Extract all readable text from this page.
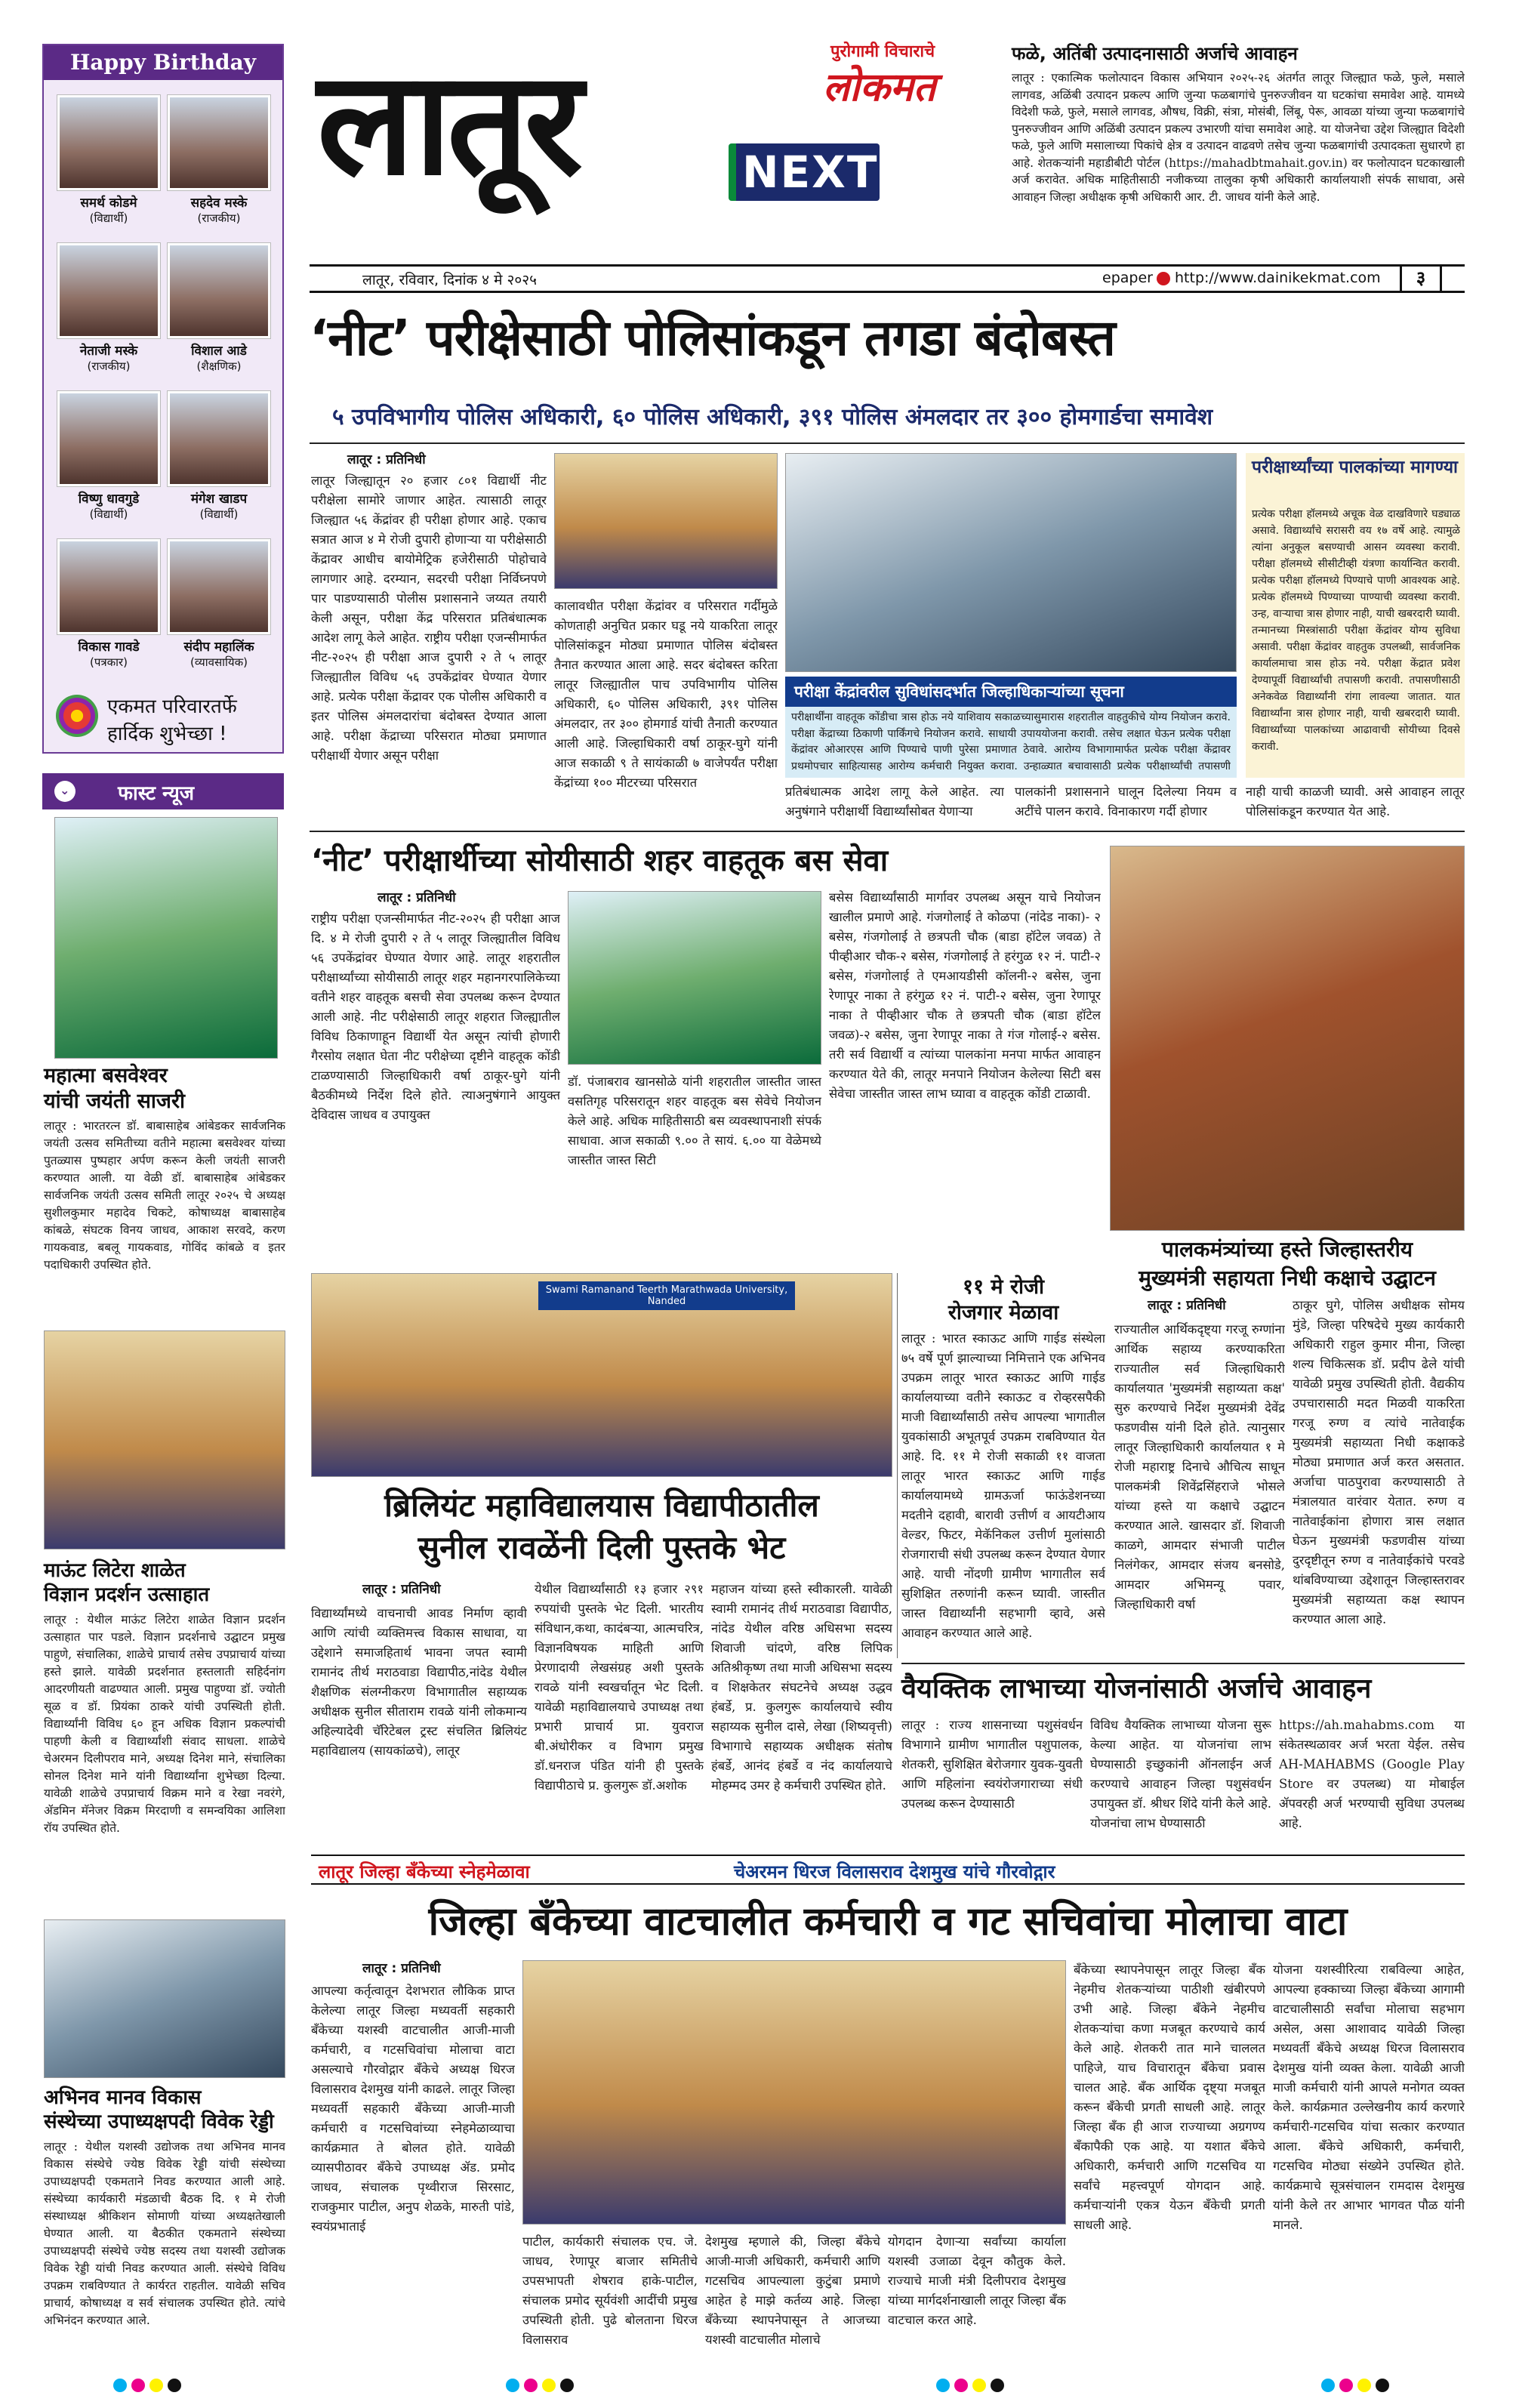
Happy Birthday
समर्थ कोडमे
(विद्यार्थी)
सहदेव मस्के
(राजकीय)
नेताजी मस्के
(राजकीय)
विशाल आडे
(शैक्षणिक)
विष्णु धावगुडे
(विद्यार्थी)
मंगेश खाडप
(विद्यार्थी)
विकास गावडे
(पत्रकार)
संदीप महालिंक
(व्यावसायिक)
एकमत परिवारतर्फे
हार्दिक शुभेच्छा !
⌄ फास्ट न्यूज
महात्मा बसवेश्वर
यांची जयंती साजरी
लातूर : भारतरत्न डॉ. बाबासाहेब आंबेडकर सार्वजनिक जयंती उत्सव समितीच्या वतीने महात्मा बसवेश्वर यांच्या पुतळ्यास पुष्पहार अर्पण करून केली जयंती साजरी करण्यात आली. या वेळी डॉ. बाबासाहेब आंबेडकर सार्वजनिक जयंती उत्सव समिती लातूर २०२५ चे अध्यक्ष सुशीलकुमार महादेव चिकटे, कोषाध्यक्ष बाबासाहेब कांबळे, संघटक विनय जाधव, आकाश सरवदे, करण गायकवाड, बबलू गायकवाड, गोविंद कांबळे व इतर पदाधिकारी उपस्थित होते.
माऊंट लिटेरा शाळेत
विज्ञान प्रदर्शन उत्साहात
लातूर : येथील माऊंट लिटेरा शाळेत विज्ञान प्रदर्शन उत्साहात पार पडले. विज्ञान प्रदर्शनाचे उद्घाटन प्रमुख पाहुणे, संचालिका, शाळेचे प्राचार्य तसेच उपप्राचार्य यांच्या हस्ते झाले. यावेळी प्रदर्शनात हस्तलाती सहिर्दनांग आदरणीयती वाढण्यात आली. प्रमुख पाहुण्या डॉ. ज्योती सूळ व डॉ. प्रियंका ठाकरे यांची उपस्थिती होती. विद्यार्थ्यांनी विविध ६० हून अधिक विज्ञान प्रकल्पांची पाहणी केली व विद्यार्थ्यांशी संवाद साधला. शाळेचे चेअरमन दिलीपराव माने, अध्यक्ष दिनेश माने, संचालिका सोनल दिनेश माने यांनी विद्यार्थ्यांना शुभेच्छा दिल्या. यावेळी शाळेचे उपप्राचार्य विक्रम माने व रेखा नवरंगे, ॲडमिन मॅनेजर विक्रम मिरदाणी व समन्वयिका आलिशा रॉय उपस्थित होते.
अभिनव मानव विकास
संस्थेच्या उपाध्यक्षपदी विवेक रेड्डी
लातूर : येथील यशस्वी उद्योजक तथा अभिनव मानव विकास संस्थेचे ज्येष्ठ विवेक रेड्डी यांची संस्थेच्या उपाध्यक्षपदी एकमताने निवड करण्यात आली आहे. संस्थेच्या कार्यकारी मंडळाची बैठक दि. १ मे रोजी संस्थाध्यक्ष श्रीकिशन सोमाणी यांच्या अध्यक्षतेखाली घेण्यात आली. या बैठकीत एकमताने संस्थेच्या उपाध्यक्षपदी संस्थेचे ज्येष्ठ सदस्य तथा यशस्वी उद्योजक विवेक रेड्डी यांची निवड करण्यात आली. संस्थेचे विविध उपक्रम राबविण्यात ते कार्यरत राहतील. यावेळी सचिव प्राचार्य, कोषाध्यक्ष व सर्व संचालक उपस्थित होते. त्यांचे अभिनंदन करण्यात आले.
लातूर	पुरोगामी विचाराचे
लोकमत
NEXT
लातूर, रविवार, दिनांक ४ मे २०२५	epaper http://www.dainikekmat.com	३
फळे, अतिंबी उत्पादनासाठी अर्जाचे आवाहन
लातूर : एकात्मिक फलोत्पादन विकास अभियान २०२५-२६ अंतर्गत लातूर जिल्ह्यात फळे, फुले, मसाले लागवड, अळिंबी उत्पादन प्रकल्प आणि जुन्या फळबागांचे पुनरुज्जीवन या घटकांचा समावेश आहे. यामध्ये विदेशी फळे, फुले, मसाले लागवड, औषध, विक्री, संत्रा, मोसंबी, लिंबू, पेरू, आवळा यांच्या जुन्या फळबागांचे पुनरुज्जीवन आणि अळिंबी उत्पादन प्रकल्प उभारणी यांचा समावेश आहे. या योजनेचा उद्देश जिल्ह्यात विदेशी फळे, फुले आणि मसालाच्या पिकांचे क्षेत्र व उत्पादन वाढवणे तसेच जुन्या फळबागांची उत्पादकता सुधारणे हा आहे. शेतकऱ्यांनी महाडीबीटी पोर्टल (https://mahadbtmahait.gov.in) वर फलोत्पादन घटकाखाली अर्ज करावेत. अधिक माहितीसाठी नजीकच्या तालुका कृषी अधिकारी कार्यालयाशी संपर्क साधावा, असे आवाहन जिल्हा अधीक्षक कृषी अधिकारी आर. टी. जाधव यांनी केले आहे.
‘नीट’ परीक्षेसाठी पोलिसांकडून तगडा बंदोबस्त
५ उपविभागीय पोलिस अधिकारी, ६० पोलिस अधिकारी, ३९१ पोलिस अंमलदार तर ३०० होमगार्डचा समावेश
लातूर : प्रतिनिधी
लातूर जिल्ह्यातून २० हजार ८०१ विद्यार्थी नीट परीक्षेला सामोरे जाणार आहेत. त्यासाठी लातूर जिल्ह्यात ५६ केंद्रांवर ही परीक्षा होणार आहे. एकाच सत्रात आज ४ मे रोजी दुपारी होणाऱ्या या परीक्षेसाठी केंद्रावर आधीच बायोमेट्रिक हजेरीसाठी पोहोचावे लागणार आहे. दरम्यान, सदरची परीक्षा निर्विघ्नपणे पार पाडण्यासाठी पोलीस प्रशासनाने जय्यत तयारी केली असून, परीक्षा केंद्र परिसरात प्रतिबंधात्मक आदेश लागू केले आहेत. राष्ट्रीय परीक्षा एजन्सीमार्फत नीट-२०२५ ही परीक्षा आज दुपारी २ ते ५ लातूर जिल्ह्यातील विविध ५६ उपकेंद्रांवर घेण्यात येणार आहे. प्रत्येक परीक्षा केंद्रावर एक पोलीस अधिकारी व इतर पोलिस अंमलदारांचा बंदोबस्त देण्यात आला आहे. परीक्षा केंद्राच्या परिसरात मोठ्या प्रमाणात परीक्षार्थी येणार असून परीक्षा
कालावधीत परीक्षा केंद्रांवर व परिसरात गर्दीमुळे कोणताही अनुचित प्रकार घडू नये याकरिता लातूर पोलिसांकडून मोठ्या प्रमाणात पोलिस बंदोबस्त तैनात करण्यात आला आहे. सदर बंदोबस्त करिता लातूर जिल्ह्यातील पाच उपविभागीय पोलिस अधिकारी, ६० पोलिस अधिकारी, ३९१ पोलिस अंमलदार, तर ३०० होमगार्ड यांची तैनाती करण्यात आली आहे. जिल्हाधिकारी वर्षा ठाकूर-घुगे यांनी आज सकाळी ९ ते सायंकाळी ७ वाजेपर्यंत परीक्षा केंद्रांच्या १०० मीटरच्या परिसरात
परीक्षा केंद्रांवरील सुविधांसदर्भात जिल्हाधिकाऱ्यांच्या सूचना
परीक्षार्थींना वाहतूक कोंडीचा त्रास होऊ नये याशिवाय सकाळच्यासुमारास शहरातील वाहतुकीचे योग्य नियोजन करावे. परीक्षा केंद्राच्या ठिकाणी पार्किंगचे नियोजन करावे. साधायी उपाययोजना करावी. तसेच लक्षात घेऊन प्रत्येक परीक्षा केंद्रांवर ओआरएस आणि पिण्याचे पाणी पुरेसा प्रमाणात ठेवावे. आरोग्य विभागामार्फत प्रत्येक परीक्षा केंद्रावर प्रथमोपचार साहित्यासह आरोग्य कर्मचारी नियुक्त करावा. उन्हाळ्यात बचावासाठी प्रत्येक परीक्षार्थ्यांची तपासणी
प्रतिबंधात्मक आदेश लागू केले आहेत. त्या अनुषंगाने परीक्षार्थी विद्यार्थ्यांसोबत येणाऱ्या
पालकांनी प्रशासनाने घालून दिलेल्या नियम व अटींचे पालन करावे. विनाकारण गर्दी होणार
परीक्षार्थ्यांच्या पालकांच्या मागण्या
प्रत्येक परीक्षा हॉलमध्ये अचूक वेळ दाखविणारे घड्याळ असावे. विद्यार्थ्यांचे सरासरी वय १७ वर्षे आहे. त्यामुळे त्यांना अनुकूल बसण्याची आसन व्यवस्था करावी. परीक्षा हॉलमध्ये सीसीटीव्ही यंत्रणा कार्यान्वित करावी. प्रत्येक परीक्षा हॉलमध्ये पिण्याचे पाणी आवश्यक आहे. प्रत्येक हॉलमध्ये पिण्याच्या पाण्याची व्यवस्था करावी. उन्ह, वाऱ्याचा त्रास होणार नाही, याची खबरदारी घ्यावी. तन्मानच्या मिस्त्रांसाठी परीक्षा केंद्रांवर योग्य सुविधा असावी. परीक्षा केंद्रांवर वाहतुक उपलब्धी, सार्वजनिक कार्यालमाचा त्रास होऊ नये. परीक्षा केंद्रात प्रवेश देण्यापूर्वी विद्यार्थ्यांची तपासणी करावी. तपासणीसाठी अनेकवेळ विद्यार्थ्यांनी रांगा लावल्या जातात. यात विद्यार्थ्यांना त्रास होणार नाही, याची खबरदारी घ्यावी. विद्यार्थ्यांच्या पालकांच्या आढावाची सोयीच्या दिवसे करावी.
नाही याची काळजी घ्यावी. असे आवाहन लातूर पोलिसांकडून करण्यात येत आहे.
‘नीट’ परीक्षार्थीच्या सोयीसाठी शहर वाहतूक बस सेवा
लातूर : प्रतिनिधी
राष्ट्रीय परीक्षा एजन्सीमार्फत नीट-२०२५ ही परीक्षा आज दि. ४ मे रोजी दुपारी २ ते ५ लातूर जिल्ह्यातील विविध ५६ उपकेंद्रांवर घेण्यात येणार आहे. लातूर शहरातील परीक्षार्थ्यांच्या सोयीसाठी लातूर शहर महानगरपालिकेच्या वतीने शहर वाहतूक बसची सेवा उपलब्ध करून देण्यात आली आहे. नीट परीक्षेसाठी लातूर शहरात जिल्ह्यातील विविध ठिकाणाहून विद्यार्थी येत असून त्यांची होणारी गैरसोय लक्षात घेता नीट परीक्षेच्या दृष्टीने वाहतूक कोंडी टाळण्यासाठी जिल्हाधिकारी वर्षा ठाकूर-घुगे यांनी बैठकीमध्ये निर्देश दिले होते. त्याअनुषंगाने आयुक्त देविदास जाधव व उपायुक्त
डॉ. पंजाबराव खानसोळे यांनी शहरातील जास्तीत जास्त वसतिगृह परिसरातून शहर वाहतूक बस सेवेचे नियोजन केले आहे. अधिक माहितीसाठी बस व्यवस्थापनाशी संपर्क साधावा. आज सकाळी ९.०० ते सायं. ६.०० या वेळेमध्ये जास्तीत जास्त सिटी
बसेस विद्यार्थ्यांसाठी मार्गावर उपलब्ध असून याचे नियोजन खालील प्रमाणे आहे. गंजगोलाई ते कोळपा (नांदेड नाका)- २ बसेस, गंजगोलाई ते छत्रपती चौक (बाडा हॉटेल जवळ) ते पीव्हीआर चौक-२ बसेस, गंजगोलाई ते हरंगुळ १२ नं. पाटी-२ बसेस, गंजगोलाई ते एमआयडीसी कॉलनी-२ बसेस, जुना रेणापूर नाका ते हरंगुळ १२ नं. पाटी-२ बसेस, जुना रेणापूर नाका ते पीव्हीआर चौक ते छत्रपती चौक (बाडा हॉटेल जवळ)-२ बसेस, जुना रेणापूर नाका ते गंज गोलाई-२ बसेस. तरी सर्व विद्यार्थी व त्यांच्या पालकांना मनपा मार्फत आवाहन करण्यात येते की, लातूर मनपाने नियोजन केलेल्या सिटी बस सेवेचा जास्तीत जास्त लाभ घ्यावा व वाहतूक कोंडी टाळावी.
पालकमंत्र्यांच्या हस्ते जिल्हास्तरीय
मुख्यमंत्री सहायता निधी कक्षाचे उद्घाटन
लातूर : प्रतिनिधी
राज्यातील आर्थिकदृष्ट्या गरजू रुग्णांना आर्थिक सहाय्य करण्याकरिता राज्यातील सर्व जिल्हाधिकारी कार्यालयात 'मुख्यमंत्री सहाय्यता कक्ष' सुरु करण्याचे निर्देश मुख्यमंत्री देवेंद्र फडणवीस यांनी दिले होते. त्यानुसार लातूर जिल्हाधिकारी कार्यालयात १ मे रोजी महाराष्ट्र दिनाचे औचित्य साधून पालकमंत्री शिवेंद्रसिंहराजे भोसले यांच्या हस्ते या कक्षाचे उद्घाटन करण्यात आले. खासदार डॉ. शिवाजी काळगे, आमदार संभाजी पाटील निलंगेकर, आमदार संजय बनसोडे, आमदार अभिमन्यू पवार, जिल्हाधिकारी वर्षा
ठाकूर घुगे, पोलिस अधीक्षक सोमय मुंडे, जिल्हा परिषदेचे मुख्य कार्यकारी अधिकारी राहुल कुमार मीना, जिल्हा शल्य चिकित्सक डॉ. प्रदीप ढेले यांची यावेळी प्रमुख उपस्थिती होती. वैद्यकीय उपचारासाठी मदत मिळवी याकरिता गरजू रुग्ण व त्यांचे नातेवाईक मुख्यमंत्री सहाय्यता निधी कक्षाकडे मोठ्या प्रमाणात अर्ज करत असतात. अर्जाचा पाठपुरावा करण्यासाठी ते मंत्रालयात वारंवार येतात. रुग्ण व नातेवाईकांना होणारा त्रास लक्षात घेऊन मुख्यमंत्री फडणवीस यांच्या दुरदृष्टीतून रुग्ण व नातेवाईकांचे परवडे थांबविण्याच्या उद्देशातून जिल्हास्तरावर मुख्यमंत्री सहाय्यता कक्ष स्थापन करण्यात आला आहे.
Swami Ramanand Teerth Marathwada University, Nanded
ब्रिलियंट महाविद्यालयास विद्यापीठातील
सुनील रावळेंनी दिली पुस्तके भेट
लातूर : प्रतिनिधी
विद्यार्थ्यांमध्ये वाचनाची आवड निर्माण व्हावी आणि त्यांची व्यक्तिमत्त्व विकास साधावा, या उद्देशाने समाजहितार्थ भावना जपत स्वामी रामानंद तीर्थ मराठवाडा विद्यापीठ,नांदेड येथील शैक्षणिक संलग्नीकरण विभागातील सहाय्यक अधीक्षक सुनील सीताराम रावळे यांनी लोकमान्य अहिल्यादेवी चॅरिटेबल ट्रस्ट संचलित ब्रिलियंट महाविद्यालय (सायकांळचे), लातूर
येथील विद्यार्थ्यांसाठी १३ हजार २९१ रुपयांची पुस्तके भेट दिली. भारतीय संविधान,कथा, कादंबऱ्या, आत्मचरित्र, विज्ञानविषयक माहिती आणि प्रेरणादायी लेखसंग्रह अशी पुस्तके रावळे यांनी स्वखर्चातून भेट दिली. यावेळी महाविद्यालयाचे उपाध्यक्ष तथा प्रभारी प्राचार्य प्रा. युवराज बी.अंधोरीकर व विभाग प्रमुख डॉ.धनराज पंडित यांनी ही पुस्तके विद्यापीठाचे प्र. कुलगुरू डॉ.अशोक
महाजन यांच्या हस्ते स्वीकारली. यावेळी स्वामी रामानंद तीर्थ मराठवाडा विद्यापीठ, नांदेड येथील वरिष्ठ अधिसभा सदस्य शिवाजी चांदणे, वरिष्ठ लिपिक अतिश्रीकृष्ण तथा माजी अधिसभा सदस्य व शिक्षकेतर संघटनेचे अध्यक्ष उद्धव हंबर्डे, प्र. कुलगुरू कार्यालयाचे स्वीय सहाय्यक सुनील दासे, लेखा (शिष्यवृत्ती) विभागाचे सहाय्यक अधीक्षक संतोष हंबर्डे, आनंद हंबर्डे व नंद कार्यालयाचे मोहम्मद उमर हे कर्मचारी उपस्थित होते.
११ मे रोजी
रोजगार मेळावा
लातूर : भारत स्काऊट आणि गाईड संस्थेला ७५ वर्षे पूर्ण झाल्याच्या निमित्ताने एक अभिनव उपक्रम लातूर भारत स्काऊट आणि गाईड कार्यालयाच्या वतीने स्काऊट व रोव्हरसपैकी माजी विद्यार्थ्यांसाठी तसेच आपल्या भागातील युवकांसाठी अभूतपूर्व उपक्रम राबविण्यात येत आहे. दि. ११ मे रोजी सकाळी ११ वाजता लातूर भारत स्काऊट आणि गाईड कार्यालयामध्ये ग्रामऊर्जा फाऊंडेशनच्या मदतीने दहावी, बारावी उत्तीर्ण व आयटीआय वेल्डर, फिटर, मेकॅनिकल उत्तीर्ण मुलांसाठी रोजगाराची संधी उपलब्ध करून देण्यात येणार आहे. याची नोंदणी ग्रामीण भागातील सर्व सुशिक्षित तरुणांनी करून घ्यावी. जास्तीत जास्त विद्यार्थ्यांनी सहभागी व्हावे, असे आवाहन करण्यात आले आहे.
वैयक्तिक लाभाच्या योजनांसाठी अर्जाचे आवाहन
लातूर : राज्य शासनाच्या पशुसंवर्धन विभागाने ग्रामीण भागातील पशुपालक, शेतकरी, सुशिक्षित बेरोजगार युवक-युवती आणि महिलांना स्वयंरोजगाराच्या संधी उपलब्ध करून देण्यासाठी
विविध वैयक्तिक लाभाच्या योजना सुरू केल्या आहेत. या योजनांचा लाभ घेण्यासाठी इच्छुकांनी ऑनलाईन अर्ज करण्याचे आवाहन जिल्हा पशुसंवर्धन उपायुक्त डॉ. श्रीधर शिंदे यांनी केले आहे. योजनांचा लाभ घेण्यासाठी
https://ah.mahabms.com या संकेतस्थळावर अर्ज भरता येईल. तसेच AH-MAHABMS (Google Play Store वर उपलब्ध) या मोबाईल ॲपवरही अर्ज भरण्याची सुविधा उपलब्ध आहे.
लातूर जिल्हा बँकेच्या स्नेहमेळावा	चेअरमन धिरज विलासराव देशमुख यांचे गौरवोद्गार
जिल्हा बँकेच्या वाटचालीत कर्मचारी व गट सचिवांचा मोलाचा वाटा
लातूर : प्रतिनिधी
आपल्या कर्तृत्वातून देशभरात लौकिक प्राप्त केलेल्या लातूर जिल्हा मध्यवर्ती सहकारी बँकेच्या यशस्वी वाटचालीत आजी-माजी कर्मचारी, व गटसचिवांचा मोलाचा वाटा असल्याचे गौरवोद्गार बँकेचे अध्यक्ष धिरज विलासराव देशमुख यांनी काढले. लातूर जिल्हा मध्यवर्ती सहकारी बँकेच्या आजी-माजी कर्मचारी व गटसचिवांच्या स्नेहमेळाव्याचा कार्यक्रमात ते बोलत होते. यावेळी व्यासपीठावर बँकेचे उपाध्यक्ष ॲड. प्रमोद जाधव, संचालक पृथ्वीराज सिरसाट, राजकुमार पाटील, अनुप शेळके, मारुती पांडे, स्वयंप्रभाताई
पाटील, कार्यकारी संचालक एच. जे. जाधव, रेणापूर बाजार समितीचे उपसभापती शेषराव हाके-पाटील, संचालक प्रमोद सूर्यवंशी आदींची प्रमुख उपस्थिती होती. पुढे बोलताना धिरज विलासराव
देशमुख म्हणाले की, जिल्हा बँकेचे आजी-माजी अधिकारी, कर्मचारी आणि गटसचिव आपल्याला कुटुंबा प्रमाणे आहेत हे माझे कर्तव्य आहे. जिल्हा बँकेच्या स्थापनेपासून ते आजच्या यशस्वी वाटचालीत मोलाचे
योगदान देणाऱ्या सर्वांच्या कार्याला यशस्वी उजाळा देवून कौतुक केले. राज्याचे माजी मंत्री दिलीपराव देशमुख यांच्या मार्गदर्शनाखाली लातूर जिल्हा बँक वाटचाल करत आहे.
बँकेच्या स्थापनेपासून लातूर जिल्हा बँक नेहमीच शेतकऱ्यांच्या पाठीशी खंबीरपणे उभी आहे. जिल्हा बँकेने नेहमीच शेतकऱ्यांचा कणा मजबूत करण्याचे कार्य केले आहे. शेतकरी तात माने चाललत पाहिजे, याच विचारातून बँकेचा प्रवास चालत आहे. बँक आर्थिक दृष्ट्या मजबूत करून बँकेची प्रगती साधली आहे. लातूर जिल्हा बँक ही आज राज्याच्या अग्रगण्य बँकापैकी एक आहे. या यशात बँकेचे अधिकारी, कर्मचारी आणि गटसचिव या सर्वांचे महत्त्वपूर्ण योगदान आहे. कर्मचाऱ्यांनी एकत्र येऊन बँकेची प्रगती साधली आहे.
योजना यशस्वीरित्या राबविल्या आहेत, आपल्या हक्काच्या जिल्हा बँकेच्या आगामी वाटचालीसाठी सर्वांचा मोलाचा सहभाग असेल, असा आशावाद यावेळी जिल्हा मध्यवर्ती बँकेचे अध्यक्ष धिरज विलासराव देशमुख यांनी व्यक्त केला. यावेळी आजी माजी कर्मचारी यांनी आपले मनोगत व्यक्त केले. कार्यक्रमात उल्लेखनीय कार्य करणारे कर्मचारी-गटसचिव यांचा सत्कार करण्यात आला. बँकेचे अधिकारी, कर्मचारी, गटसचिव मोठ्या संख्येने उपस्थित होते. कार्यक्रमाचे सूत्रसंचालन रामदास देशमुख यांनी केले तर आभार भागवत पौळ यांनी मानले.
